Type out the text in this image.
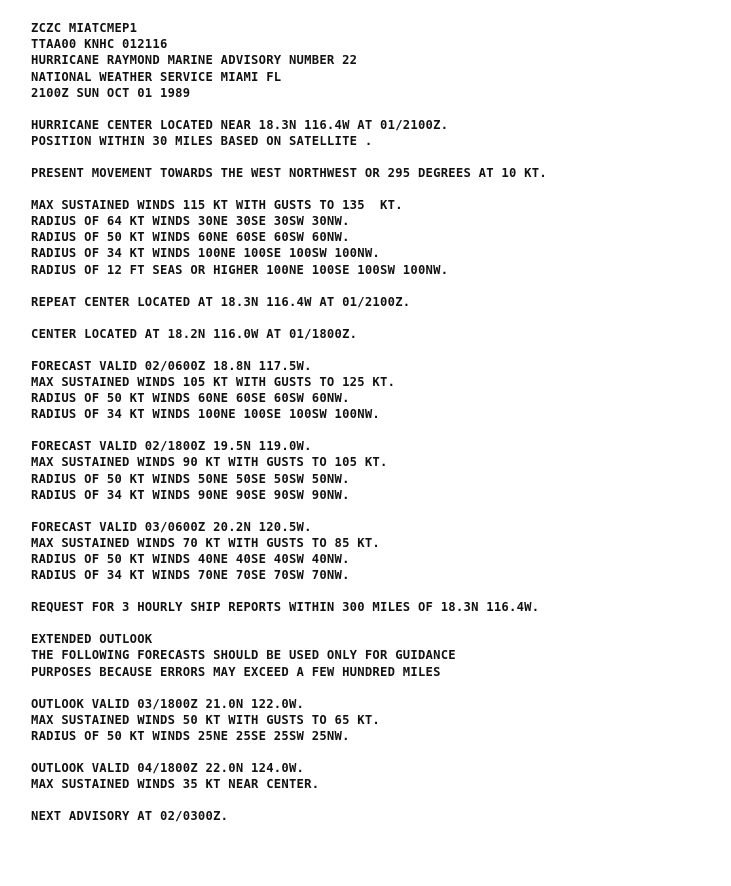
ZCZC MIATCMEP1
TTAA00 KNHC 012116
HURRICANE RAYMOND MARINE ADVISORY NUMBER 22
NATIONAL WEATHER SERVICE MIAMI FL
2100Z SUN OCT 01 1989
HURRICANE CENTER LOCATED NEAR 18.3N 116.4W AT 01/2100Z.
POSITION WITHIN 30 MILES BASED ON SATELLITE .
PRESENT MOVEMENT TOWARDS THE WEST NORTHWEST OR 295 DEGREES AT 10 KT.
MAX SUSTAINED WINDS 115 KT WITH GUSTS TO 135  KT.
RADIUS OF 64 KT WINDS 30NE 30SE 30SW 30NW.
RADIUS OF 50 KT WINDS 60NE 60SE 60SW 60NW.
RADIUS OF 34 KT WINDS 100NE 100SE 100SW 100NW.
RADIUS OF 12 FT SEAS OR HIGHER 100NE 100SE 100SW 100NW.
REPEAT CENTER LOCATED AT 18.3N 116.4W AT 01/2100Z.
CENTER LOCATED AT 18.2N 116.0W AT 01/1800Z.
FORECAST VALID 02/0600Z 18.8N 117.5W.
MAX SUSTAINED WINDS 105 KT WITH GUSTS TO 125 KT.
RADIUS OF 50 KT WINDS 60NE 60SE 60SW 60NW.
RADIUS OF 34 KT WINDS 100NE 100SE 100SW 100NW.
FORECAST VALID 02/1800Z 19.5N 119.0W.
MAX SUSTAINED WINDS 90 KT WITH GUSTS TO 105 KT.
RADIUS OF 50 KT WINDS 50NE 50SE 50SW 50NW.
RADIUS OF 34 KT WINDS 90NE 90SE 90SW 90NW.
FORECAST VALID 03/0600Z 20.2N 120.5W.
MAX SUSTAINED WINDS 70 KT WITH GUSTS TO 85 KT.
RADIUS OF 50 KT WINDS 40NE 40SE 40SW 40NW.
RADIUS OF 34 KT WINDS 70NE 70SE 70SW 70NW.
REQUEST FOR 3 HOURLY SHIP REPORTS WITHIN 300 MILES OF 18.3N 116.4W.
EXTENDED OUTLOOK
THE FOLLOWING FORECASTS SHOULD BE USED ONLY FOR GUIDANCE
PURPOSES BECAUSE ERRORS MAY EXCEED A FEW HUNDRED MILES
OUTLOOK VALID 03/1800Z 21.0N 122.0W.
MAX SUSTAINED WINDS 50 KT WITH GUSTS TO 65 KT.
RADIUS OF 50 KT WINDS 25NE 25SE 25SW 25NW.
OUTLOOK VALID 04/1800Z 22.0N 124.0W.
MAX SUSTAINED WINDS 35 KT NEAR CENTER.
NEXT ADVISORY AT 02/0300Z.
